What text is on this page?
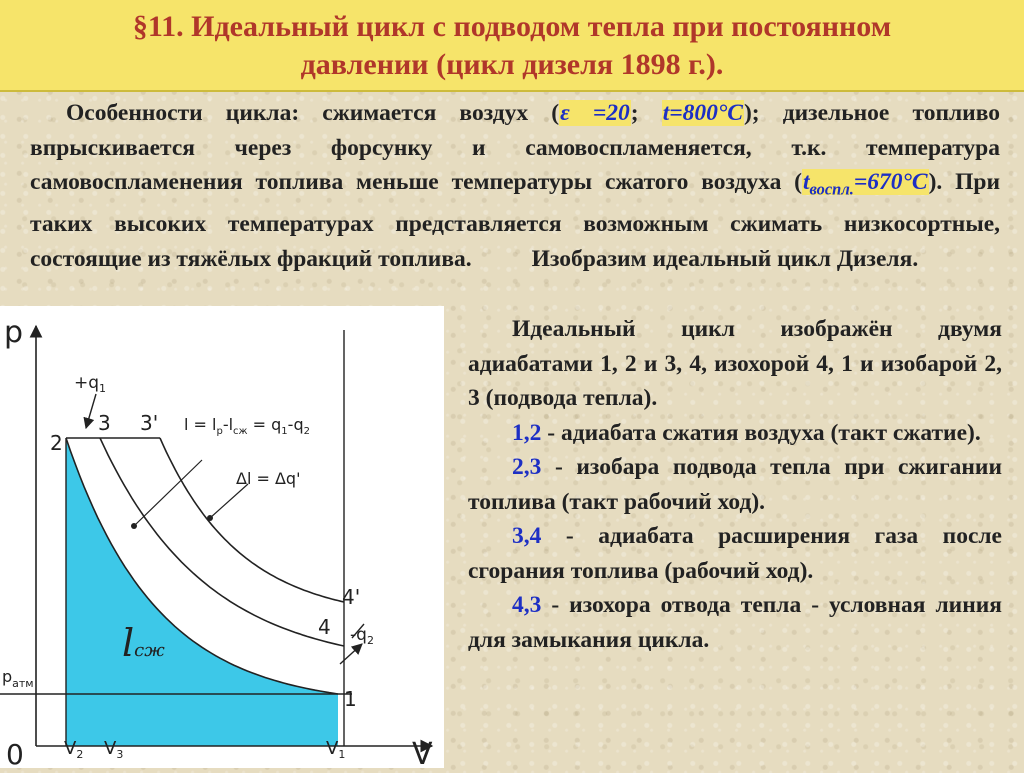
§11. Идеальный цикл с подводом тепла при постоянном
давлении (цикл дизеля 1898 г.).
Особенности цикла: сжимается воздух (ε =20; t=800°C); дизельное топливо впрыскивается через форсунку и самовоспламеняется, т.к. температура самовоспламенения топлива меньше температуры сжатого воздуха $(t_{воспл.}=670^\circ C)$. При таких высоких температурах представляется возможным сжимать низкосортные, состоящие из тяжёлых фракций топлива.	Изобразим идеальный цикл Дизеля.
p
V
0
$+q_1$
2
3 3' $l = l_р-l_{сж} = q_1-q_2$
Δl = Δq'
4'
4 $-q_2$
1
lсж
$p_{атм}$
$V_2$ $V_3$	$V_1$

Идеальный цикл изображён двумя адиабатами 1, 2 и 3, 4, изохорой 4, 1 и изобарой 2, 3 (подвода тепла).

1,2 - адиабата сжатия воздуха (такт сжатие).

2,3 - изобара подвода тепла при сжигании топлива (такт рабочий ход).

3,4 - адиабата расширения газа после сгорания топлива (рабочий ход).

4,3 - изохора отвода тепла - условная линия для замыкания цикла.
